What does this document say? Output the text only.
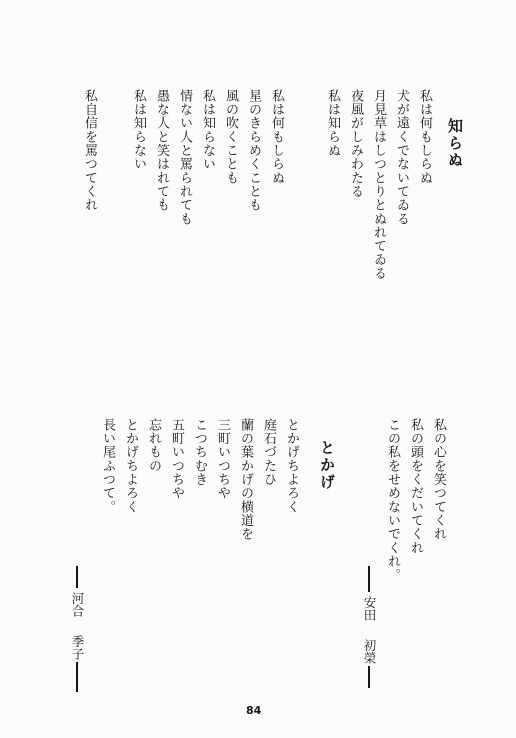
知らぬ
私は何もしらぬ
犬が遠くでないてゐる
月見草はしつとりとぬれてゐる
夜風がしみわたる
私は知らぬ
私は何もしらぬ
星のきらめくことも
風の吹くことも
私は知らない
情ない人と罵られても
愚な人と笑はれても
私は知らない
私自信を罵つてくれ
私の心を笑つてくれ
私の頭をくだいてくれ
この私をせめないでくれ。
安田
初榮
とかげ
とかげちよろく
庭石づたひ
蘭の葉かげの横道を
三町いつちや
こつちむき
五町いつちや
忘れもの
とかげちよろく
長い尾ふつて。
河合
季子
84
